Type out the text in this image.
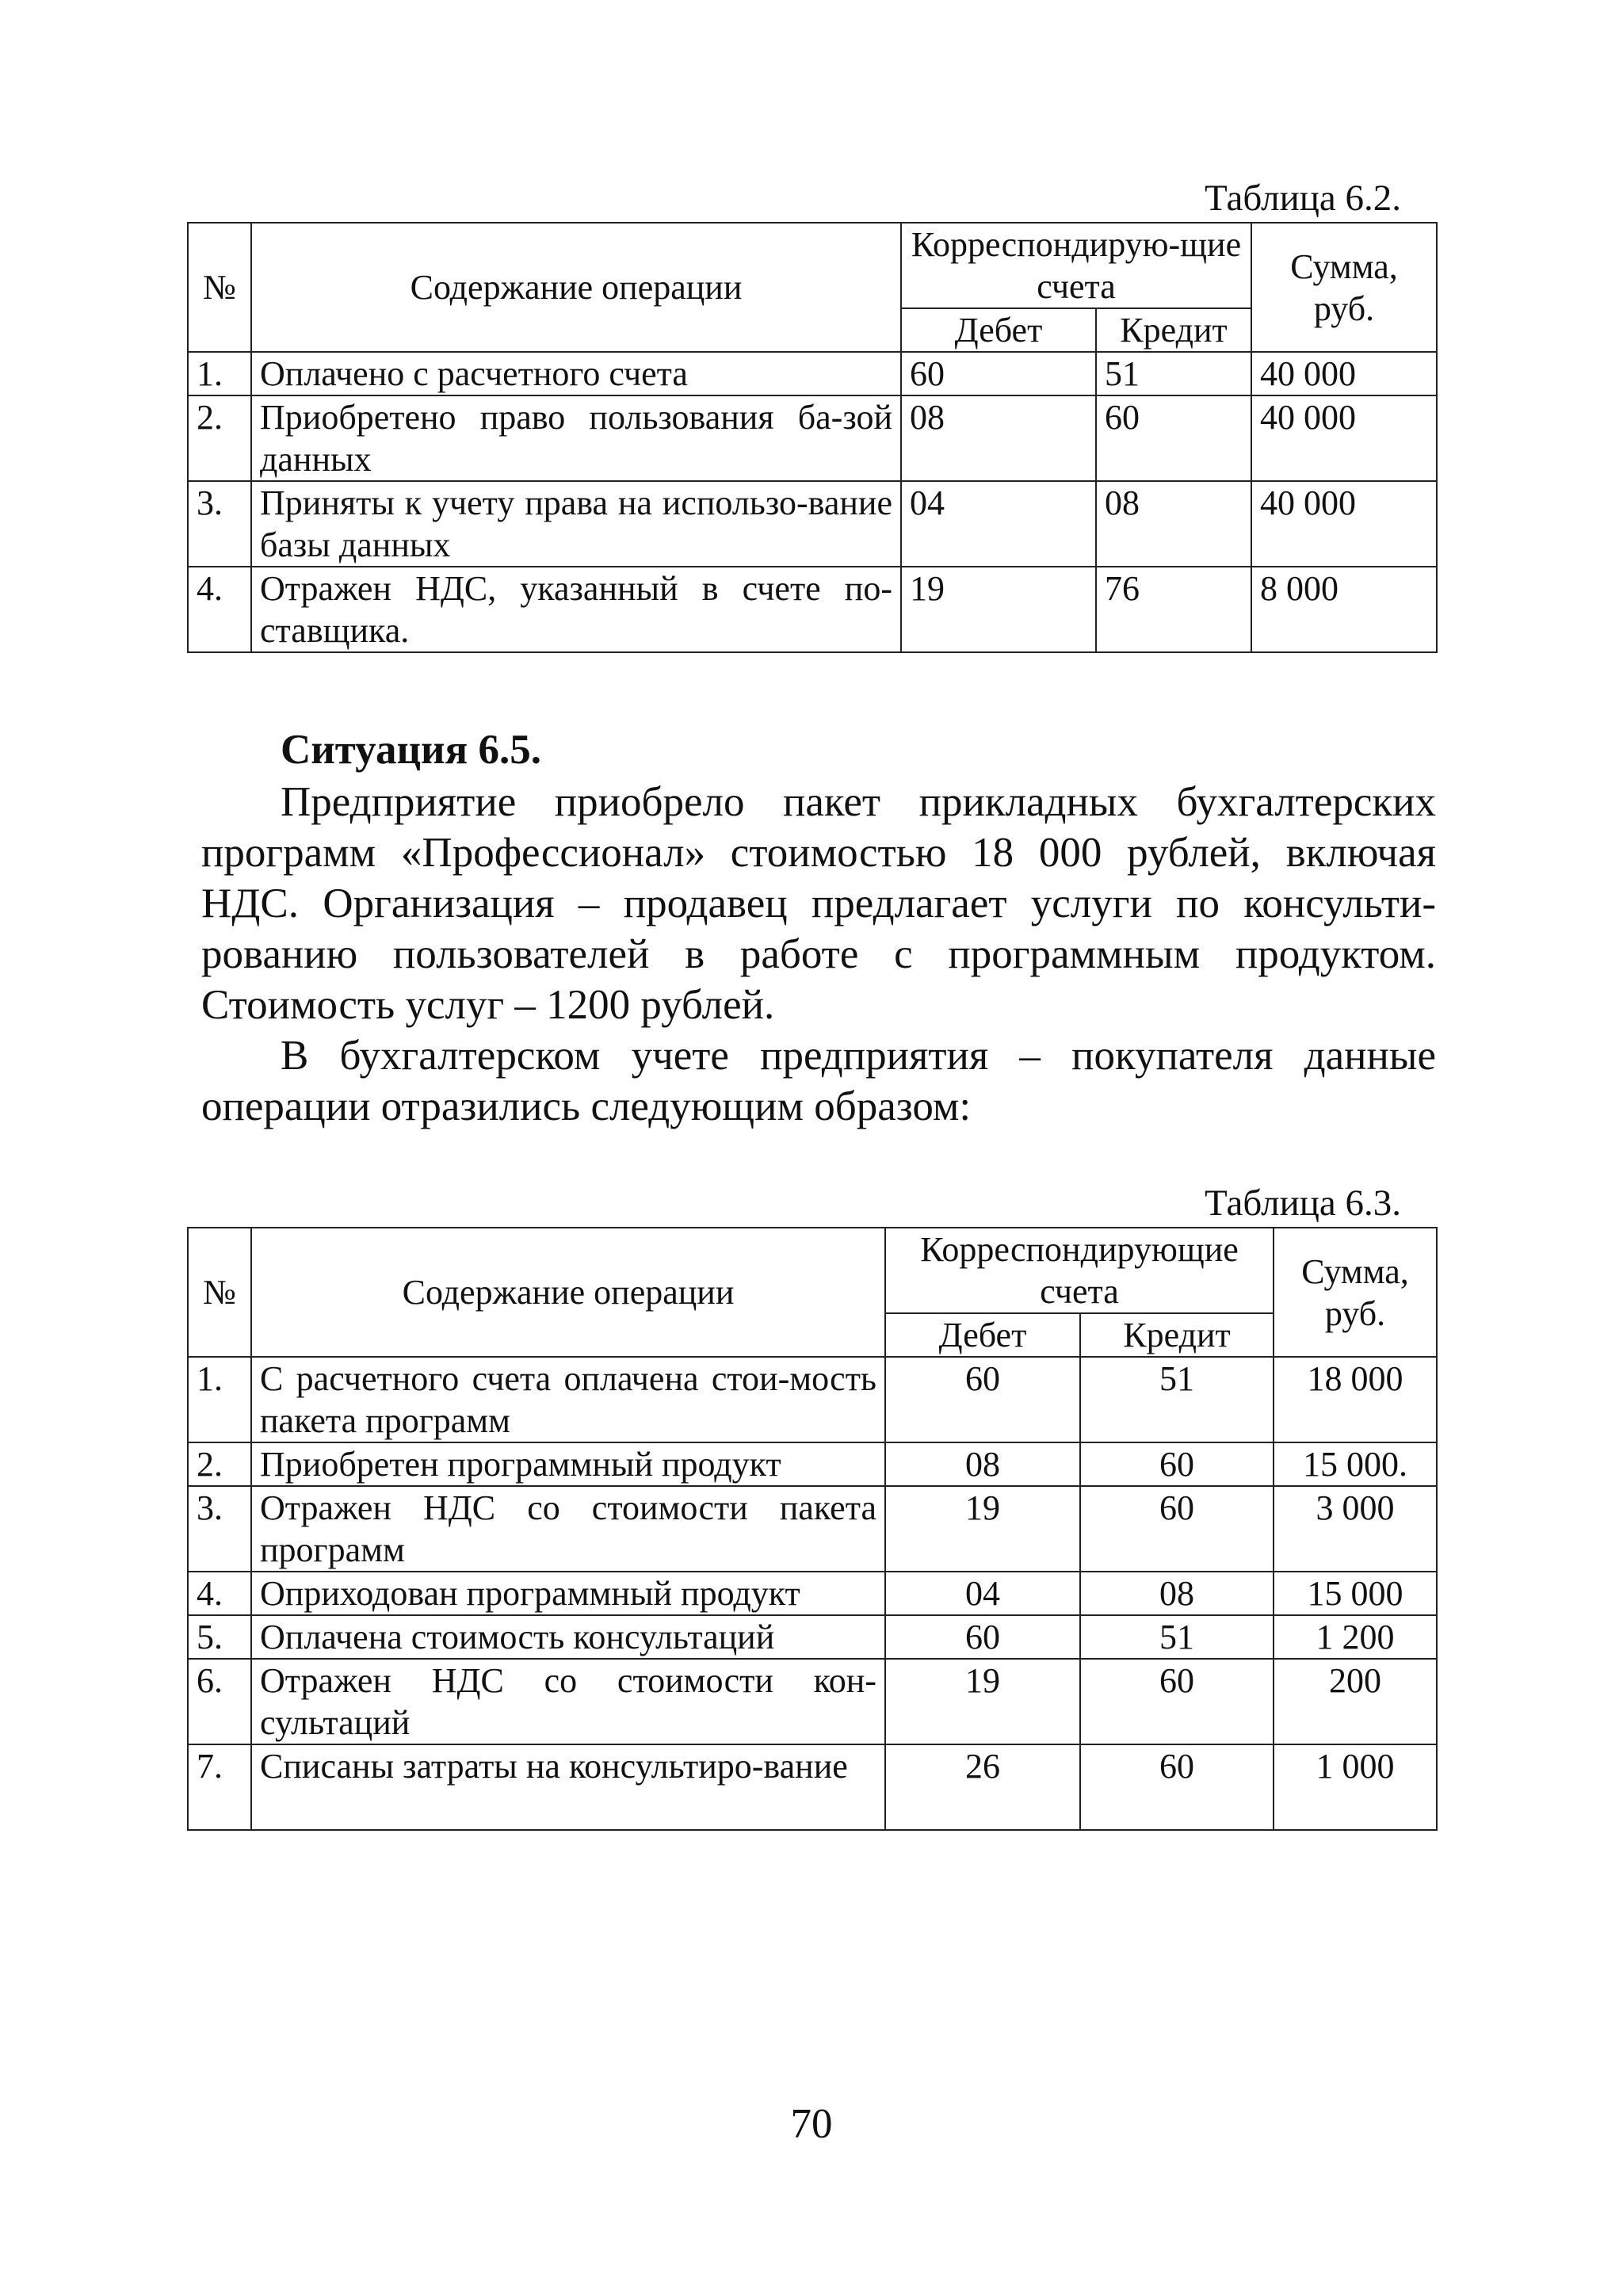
Таблица 6.2.
№	Содержание операции	Корреспондирую-щие счета		Сумма, руб.
		Дебет	Кредит	
1.	Оплачено с расчетного счета	60	51	40 000
2.	Приобретено право пользования ба-зой данных	08	60	40 000
3.	Приняты к учету права на использо-вание базы данных	04	08	40 000
4.	Отражен НДС, указанный в счете по-ставщика.	19	76	8 000
Ситуация 6.5.

Предприятие приобрело пакет прикладных бухгалтерских программ «Профессионал» стоимостью 18 000 рублей, включая НДС. Организация – продавец предлагает услуги по консульти-рованию пользователей в работе с программным продуктом. Стоимость услуг – 1200 рублей.

В бухгалтерском учете предприятия – покупателя данные операции отразились следующим образом:

Таблица 6.3.
№	Содержание операции	Корреспондирующие счета		Сумма, руб.
		Дебет	Кредит	
1.	С расчетного счета оплачена стои-мость пакета программ	60	51	18 000
2.	Приобретен программный продукт	08	60	15 000.
3.	Отражен НДС со стоимости пакета программ	19	60	3 000
4.	Оприходован программный продукт	04	08	15 000
5.	Оплачена стоимость консультаций	60	51	1 200
6.	Отражен НДС со стоимости кон-сультаций	19	60	200
7.	Списаны затраты на консультиро-вание	26	60	1 000
70
